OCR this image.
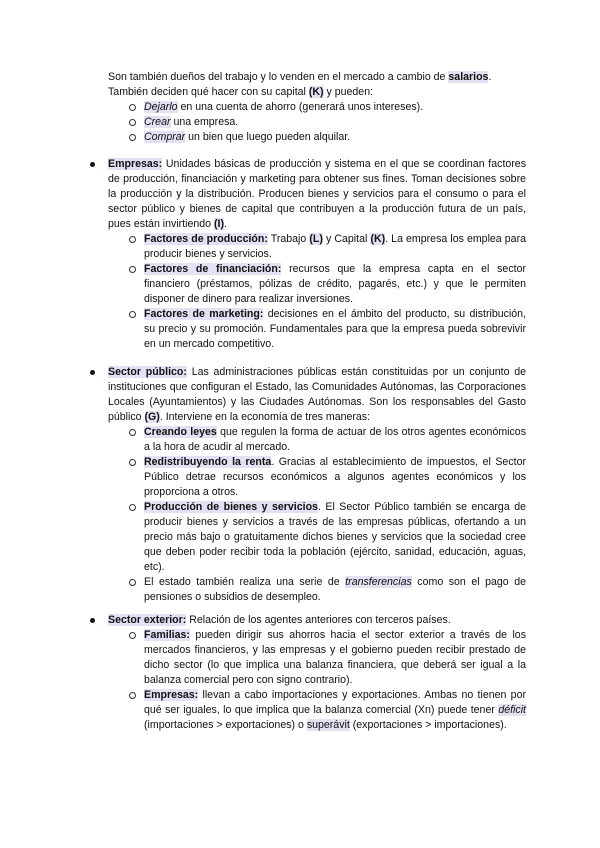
Son también dueños del trabajo y lo venden en el mercado a cambio de salarios.
También deciden qué hacer con su capital (K) y pueden:
Dejarlo en una cuenta de ahorro (generará unos intereses).
Crear una empresa.
Comprar un bien que luego pueden alquilar.
Empresas: Unidades básicas de producción y sistema en el que se coordinan factores de producción, financiación y marketing para obtener sus fines. Toman decisiones sobre la producción y la distribución. Producen bienes y servicios para el consumo o para el sector público y bienes de capital que contribuyen a la producción futura de un país, pues están invirtiendo (I).
Factores de producción: Trabajo (L) y Capital (K). La empresa los emplea para producir bienes y servicios.
Factores de financiación: recursos que la empresa capta en el sector financiero (préstamos, pólizas de crédito, pagarés, etc.) y que le permiten disponer de dinero para realizar inversiones.
Factores de marketing: decisiones en el ámbito del producto, su distribución, su precio y su promoción. Fundamentales para que la empresa pueda sobrevivir en un mercado competitivo.
Sector público: Las administraciones públicas están constituidas por un conjunto de instituciones que configuran el Estado, las Comunidades Autónomas, las Corporaciones Locales (Ayuntamientos) y las Ciudades Autónomas. Son los responsables del Gasto público (G). Interviene en la economía de tres maneras:
Creando leyes que regulen la forma de actuar de los otros agentes económicos a la hora de acudir al mercado.
Redistribuyendo la renta. Gracias al establecimiento de impuestos, el Sector Público detrae recursos económicos a algunos agentes económicos y los proporciona a otros.
Producción de bienes y servicios. El Sector Público también se encarga de producir bienes y servicios a través de las empresas públicas, ofertando a un precio más bajo o gratuitamente dichos bienes y servicios que la sociedad cree que deben poder recibir toda la población (ejército, sanidad, educación, aguas, etc).
El estado también realiza una serie de transferencias como son el pago de pensiones o subsidios de desempleo.
Sector exterior: Relación de los agentes anteriores con terceros países.
Familias: pueden dirigir sus ahorros hacia el sector exterior a través de los mercados financieros, y las empresas y el gobierno pueden recibir prestado de dicho sector (lo que implica una balanza financiera, que deberá ser igual a la balanza comercial pero con signo contrario).
Empresas: llevan a cabo importaciones y exportaciones. Ambas no tienen por qué ser iguales, lo que implica que la balanza comercial (Xn) puede tener déficit (importaciones > exportaciones) o superávit (exportaciones > importaciones).
